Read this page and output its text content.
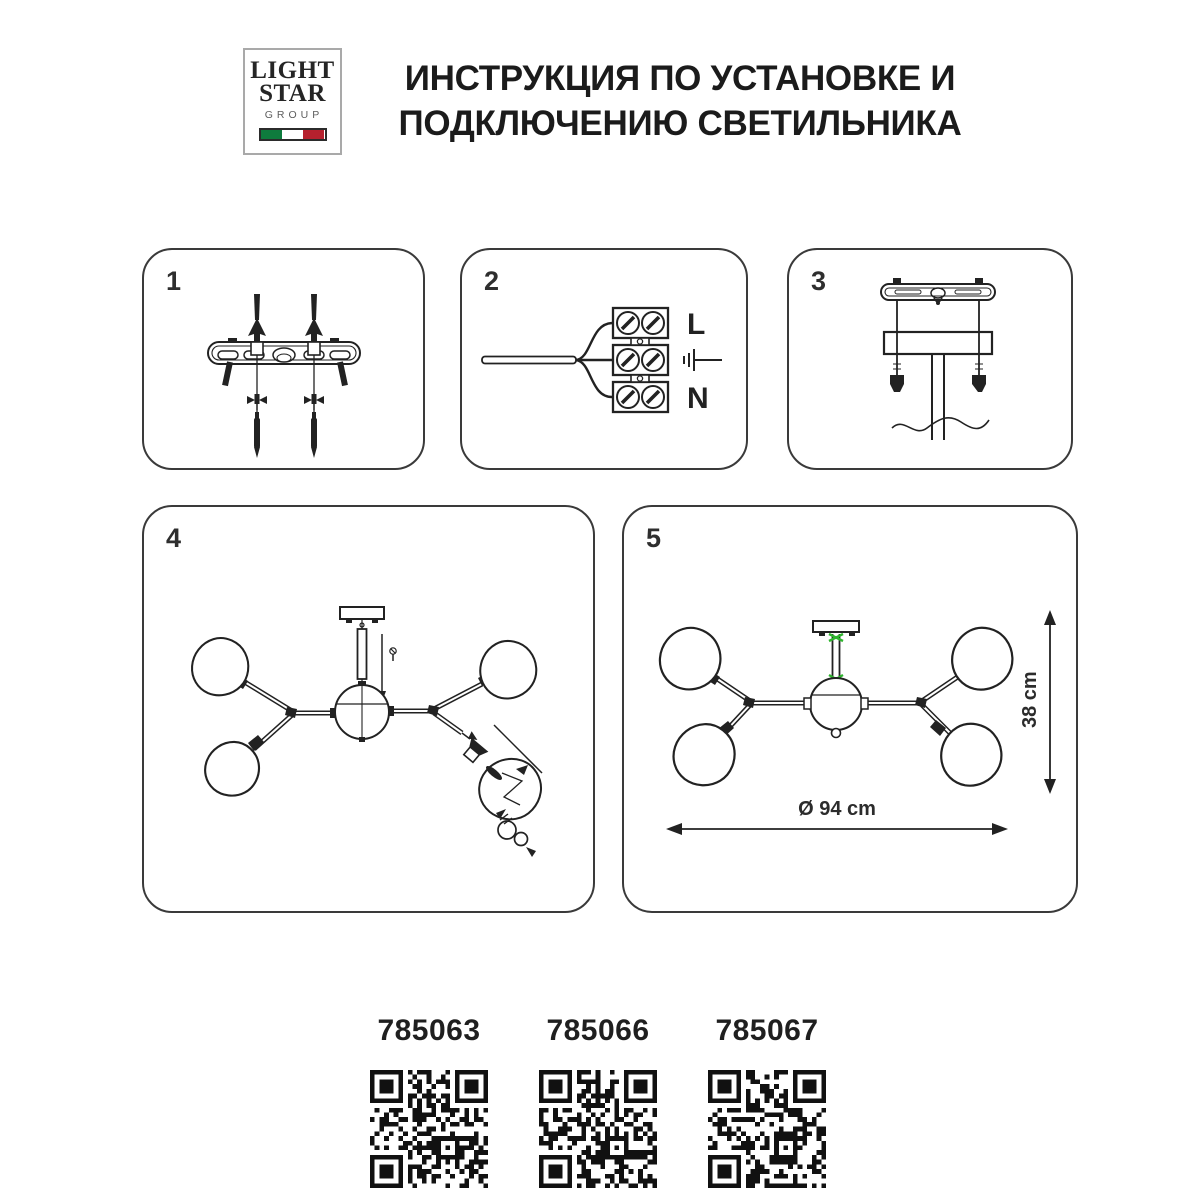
LIGHT
STAR
GROUP
ИНСТРУКЦИЯ ПО УСТАНОВКЕ И
ПОДКЛЮЧЕНИЮ СВЕТИЛЬНИКА
1	2
L
N
3
4	5
38 cm
Ø 94 cm
785063	785066	785067
